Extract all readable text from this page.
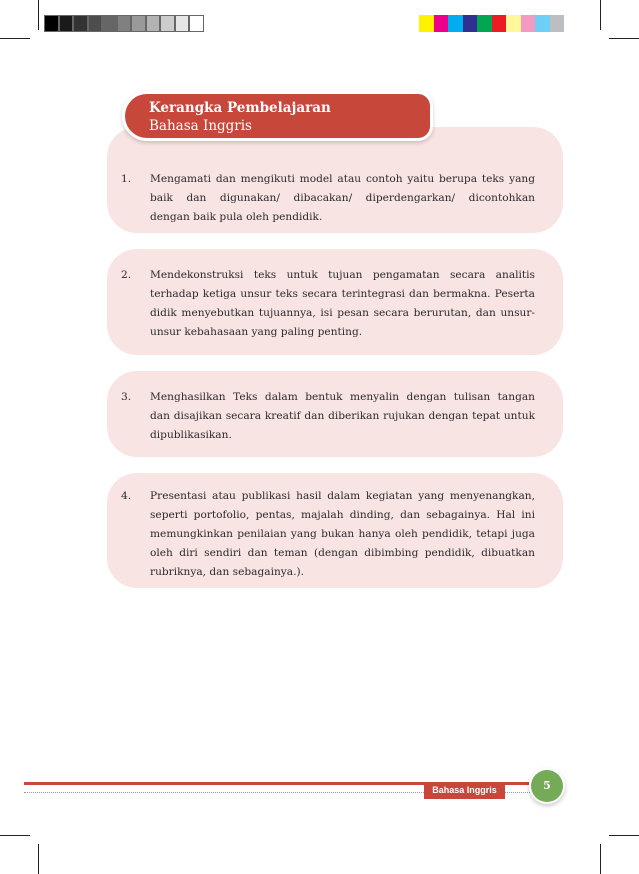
Kerangka Pembelajaran
Bahasa Inggris
1. Mengamati dan mengikuti model atau contoh yaitu berupa teks yang
baik dan digunakan/ dibacakan/ diperdengarkan/ dicontohkan
dengan baik pula oleh pendidik.
2. Mendekonstruksi teks untuk tujuan pengamatan secara analitis
terhadap ketiga unsur teks secara terintegrasi dan bermakna. Peserta
didik menyebutkan tujuannya, isi pesan secara berurutan, dan unsur-
unsur kebahasaan yang paling penting.
3. Menghasilkan Teks dalam bentuk menyalin dengan tulisan tangan
dan disajikan secara kreatif dan diberikan rujukan dengan tepat untuk
dipublikasikan.
4. Presentasi atau publikasi hasil dalam kegiatan yang menyenangkan,
seperti portofolio, pentas, majalah dinding, dan sebagainya. Hal ini
memungkinkan penilaian yang bukan hanya oleh pendidik, tetapi juga
oleh diri sendiri dan teman (dengan dibimbing pendidik, dibuatkan
rubriknya, dan sebagainya.).
Bahasa Inggris	5
